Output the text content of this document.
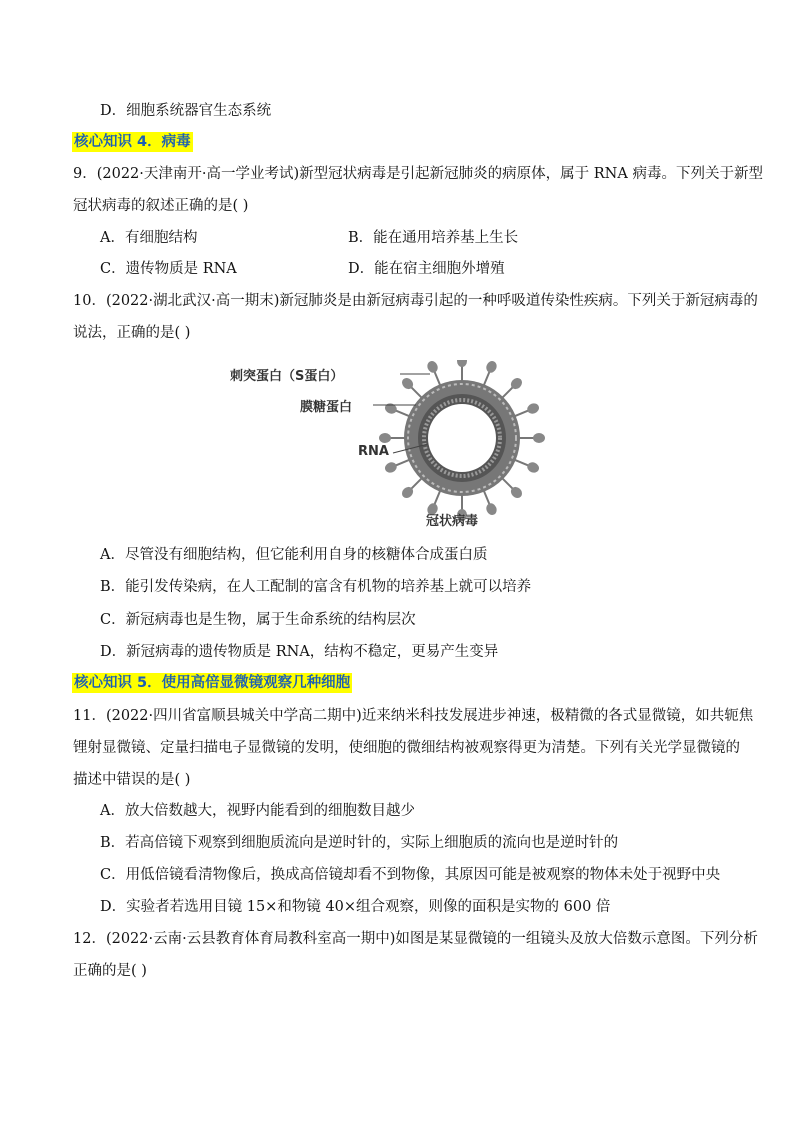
D．细胞系统器官生态系统
核心知识 4．病毒
9．(2022·天津南开·高一学业考试)新型冠状病毒是引起新冠肺炎的病原体，属于 RNA 病毒。下列关于新型
冠状病毒的叙述正确的是( )
A．有细胞结构	B．能在通用培养基上生长
C．遗传物质是 RNA	D．能在宿主细胞外增殖
10．(2022·湖北武汉·高一期末)新冠肺炎是由新冠病毒引起的一种呼吸道传染性疾病。下列关于新冠病毒的
说法，正确的是( )
刺突蛋白（S蛋白）
膜糖蛋白
RNA
冠状病毒
A．尽管没有细胞结构，但它能利用自身的核糖体合成蛋白质
B．能引发传染病，在人工配制的富含有机物的培养基上就可以培养
C．新冠病毒也是生物，属于生命系统的结构层次
D．新冠病毒的遗传物质是 RNA，结构不稳定，更易产生变异
核心知识 5．使用高倍显微镜观察几种细胞
11．(2022·四川省富顺县城关中学高二期中)近来纳米科技发展进步神速，极精微的各式显微镜，如共轭焦
锂射显微镜、定量扫描电子显微镜的发明，使细胞的微细结构被观察得更为清楚。下列有关光学显微镜的
描述中错误的是( )
A．放大倍数越大，视野内能看到的细胞数目越少
B．若高倍镜下观察到细胞质流向是逆时针的，实际上细胞质的流向也是逆时针的
C．用低倍镜看清物像后，换成高倍镜却看不到物像，其原因可能是被观察的物体未处于视野中央
D．实验者若选用目镜 15×和物镜 40×组合观察，则像的面积是实物的 600 倍
12．(2022·云南·云县教育体育局教科室高一期中)如图是某显微镜的一组镜头及放大倍数示意图。下列分析
正确的是( )
